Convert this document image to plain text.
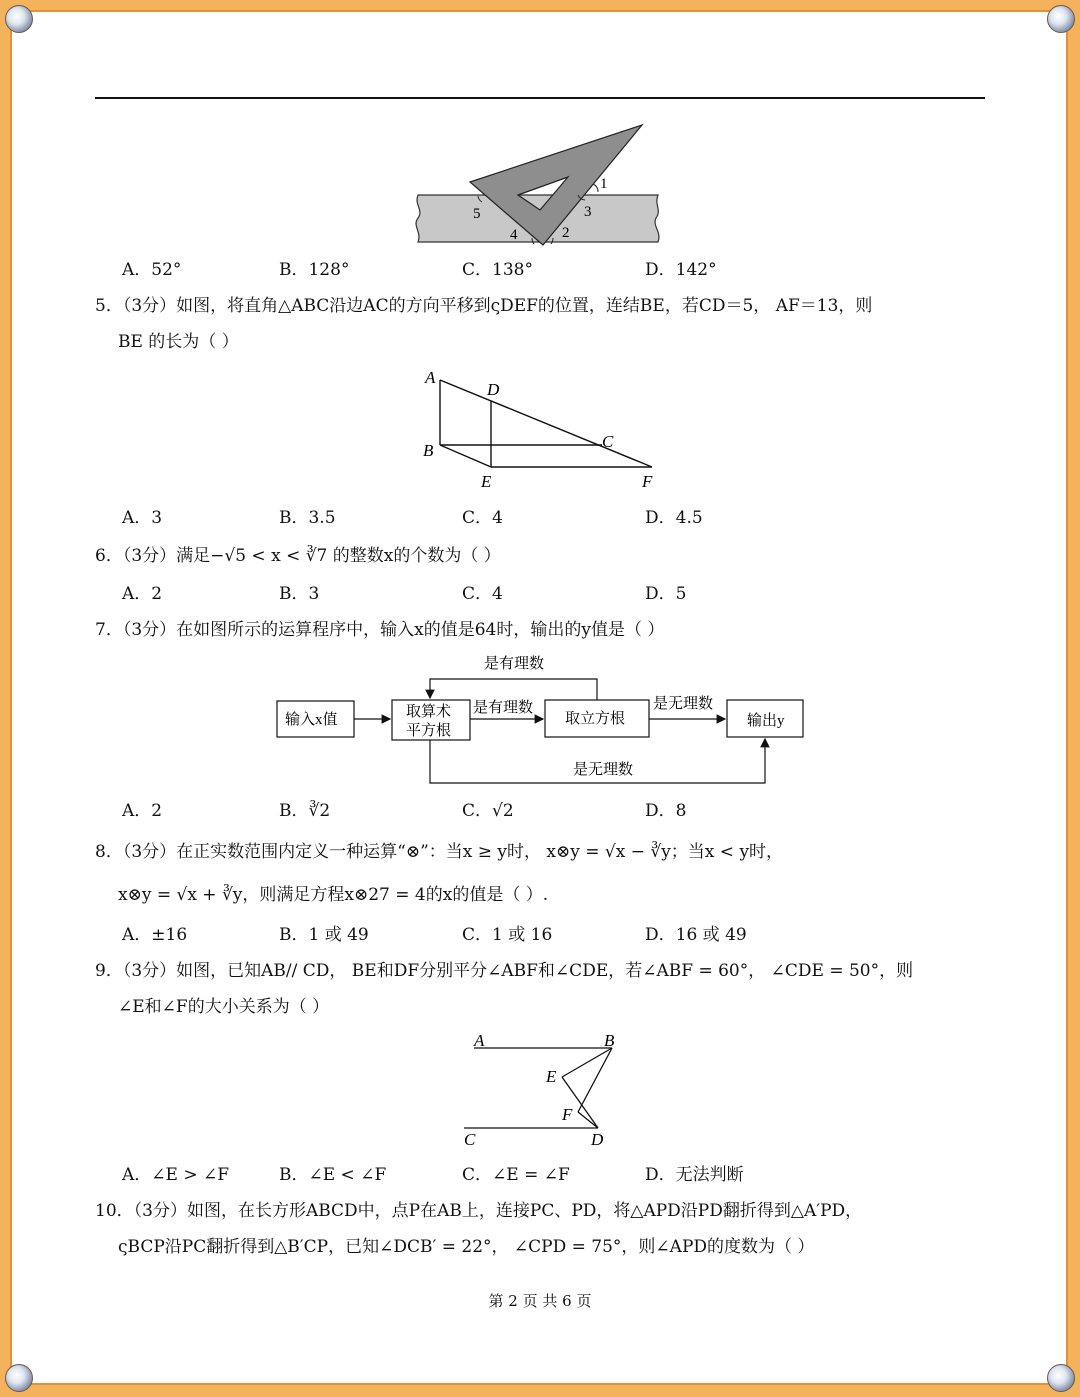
1
2
3
4
5
A．52°	B．128°	C．138°	D．142°
5．（3分）如图，将直角△ABC沿边AC的方向平移到ςDEF的位置，连结BE，若CD＝5， AF＝13，则
BE 的长为（ ）
A
D
C
B
E	F
A．3	B．3.5	C．4	D．4.5
6．（3分）满足−√5 < x < ∛7 的整数x的个数为（ ）
A．2	B．3	C．4	D．5
7．（3分）在如图所示的运算程序中，输入x的值是64时，输出的y值是（ ）
输入x值	取算术
平方根
取立方根	输出y
是有理数
是有理数	是无理数
是无理数
A．2	B．∛2	C．√2	D．8
8．（3分）在正实数范围内定义一种运算“⊗”：当x ≥ y时， x⊗y = √x − ∛y；当x < y时，
x⊗y = √x + ∛y，则满足方程x⊗27 = 4的x的值是（ ）.
A．±16	B．1 或 49	C．1 或 16	D．16 或 49
9．（3分）如图，已知AB// CD， BE和DF分别平分∠ABF和∠CDE，若∠ABF = 60°， ∠CDE = 50°，则
∠E和∠F的大小关系为（ ）
A	B
E
F
C	D
A．∠E > ∠F	B．∠E < ∠F	C．∠E = ∠F	D．无法判断
10．（3分）如图，在长方形ABCD中，点P在AB上，连接PC、PD，将△APD沿PD翻折得到△A′PD，
ςBCP沿PC翻折得到△B′CP，已知∠DCB′ = 22°， ∠CPD = 75°，则∠APD的度数为（ ）
第 2 页 共 6 页
